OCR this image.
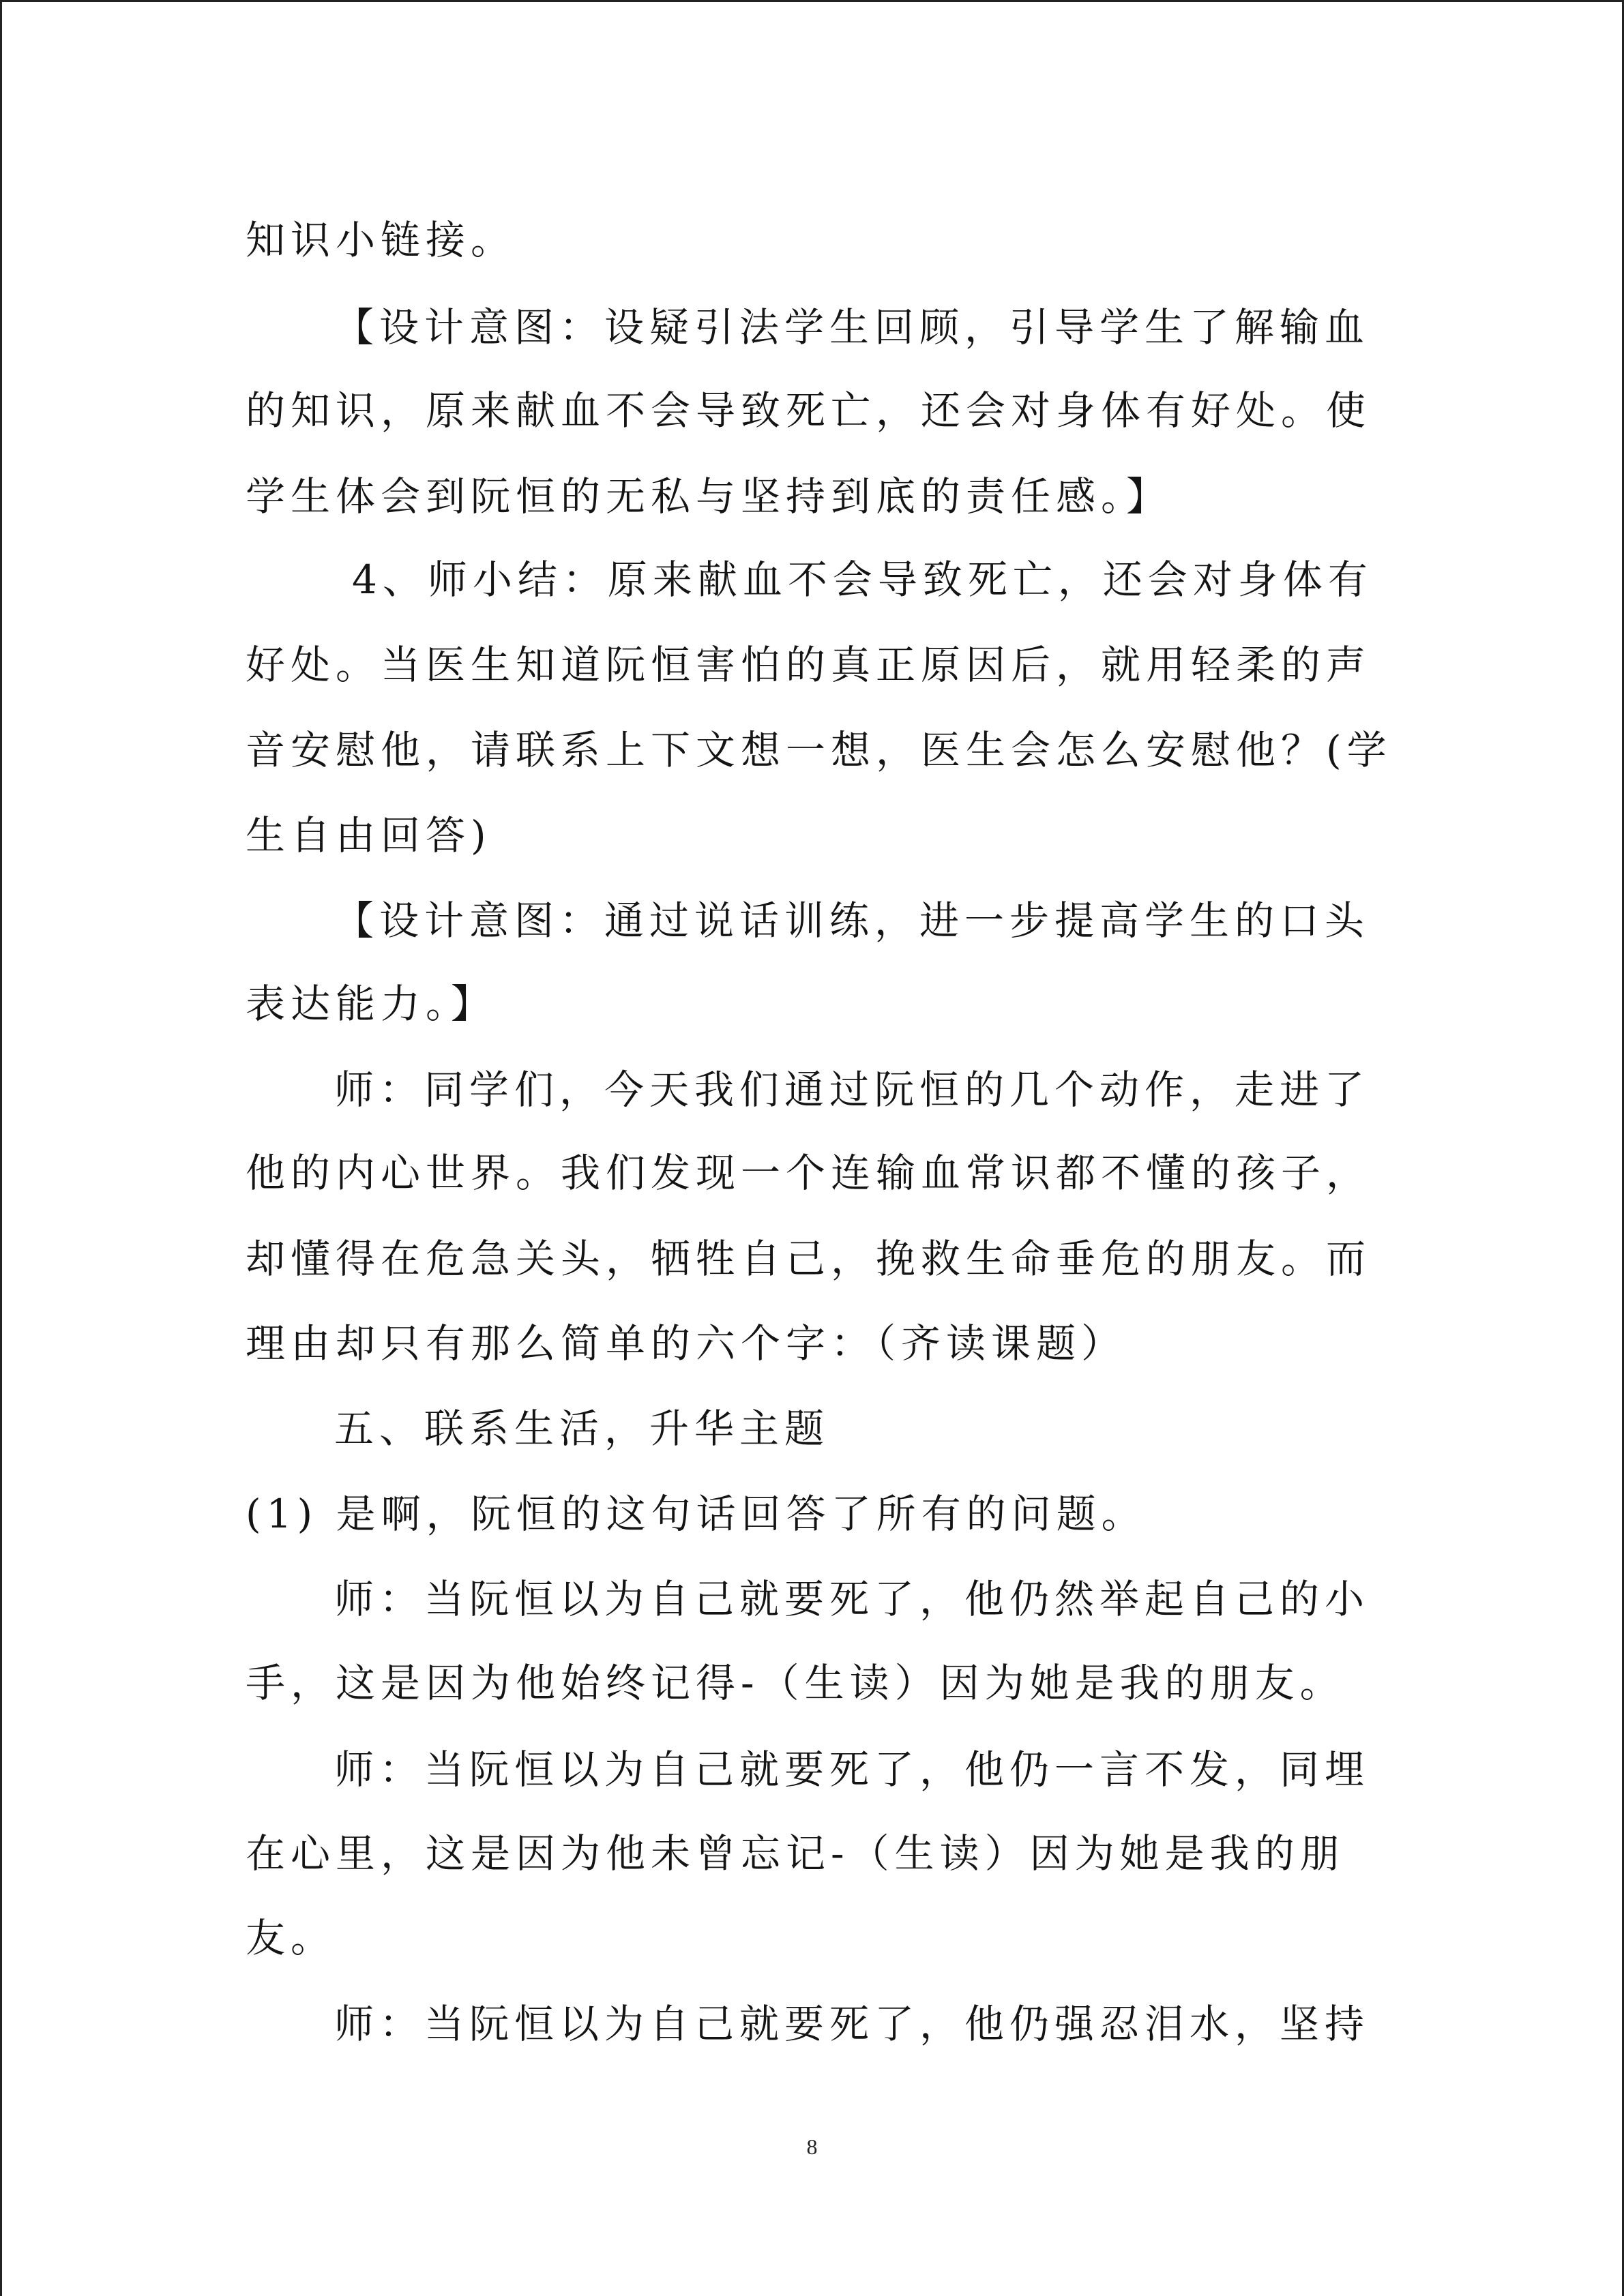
知识小链接。
【设计意图：设疑引法学生回顾，引导学生了解输血
的知识，原来献血不会导致死亡，还会对身体有好处。使
学生体会到阮恒的无私与坚持到底的责任感。】
4、师小结：原来献血不会导致死亡，还会对身体有
好处。当医生知道阮恒害怕的真正原因后，就用轻柔的声
音安慰他，请联系上下文想一想，医生会怎么安慰他？(学
生自由回答)
【设计意图：通过说话训练，进一步提高学生的口头
表达能力。】
师：同学们，今天我们通过阮恒的几个动作，走进了
他的内心世界。我们发现一个连输血常识都不懂的孩子，
却懂得在危急关头，牺牲自己，挽救生命垂危的朋友。而
理由却只有那么简单的六个字：（齐读课题）
五、联系生活，升华主题
(1) 是啊，阮恒的这句话回答了所有的问题。
师：当阮恒以为自己就要死了，他仍然举起自己的小
手，这是因为他始终记得-（生读）因为她是我的朋友。
师：当阮恒以为自己就要死了，他仍一言不发，同埋
在心里，这是因为他未曾忘记-（生读）因为她是我的朋
友。
师：当阮恒以为自己就要死了，他仍强忍泪水，坚持
8
